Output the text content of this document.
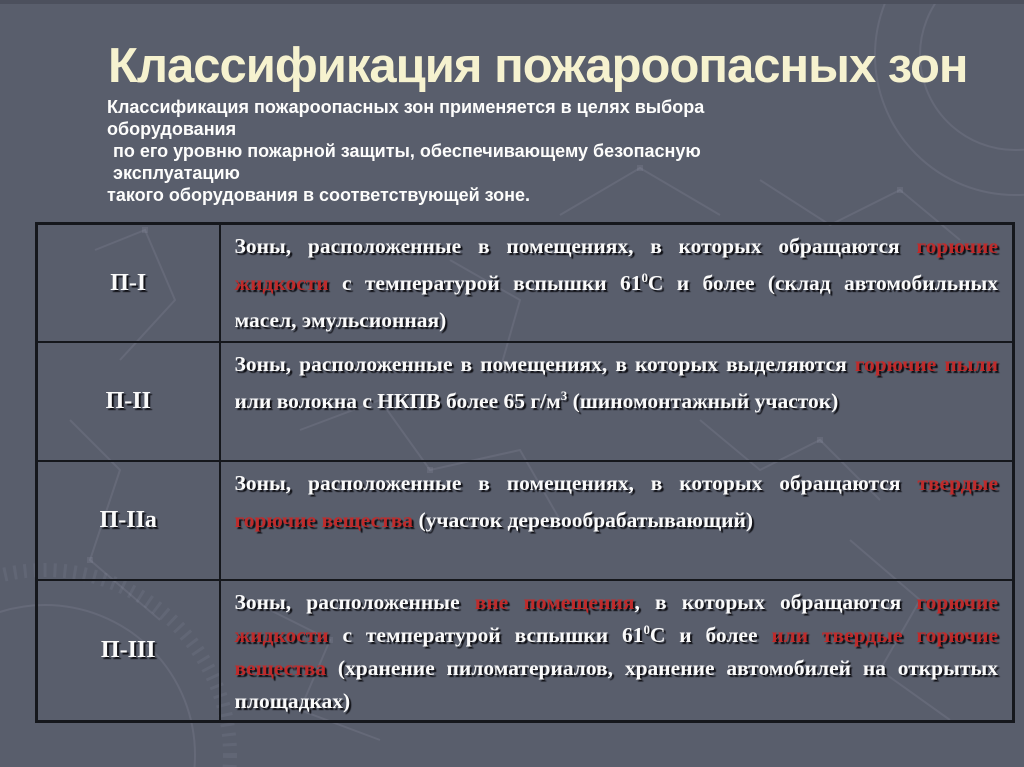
Классификация пожароопасных зон
Классификация пожароопасных зон применяется в целях выбора оборудования
по его уровню пожарной защиты, обеспечивающему безопасную эксплуатацию
такого оборудования в соответствующей зоне.
П-I	Зоны, расположенные в помещениях, в которых обращаются горючие жидкости с температурой вспышки $61^0С$ и более (склад автомобильных масел, эмульсионная)
П-II	Зоны, расположенные в помещениях, в которых выделяются горючие пыли или волокна с НКПВ более 65 $г/м^3$ (шиномонтажный участок)
П-IIа	Зоны, расположенные в помещениях, в которых обращаются твердые горючие вещества (участок деревообрабатывающий)
П-III	Зоны, расположенные вне помещения, в которых обращаются горючие жидкости с температурой вспышки $61^0С$ и более или твердые горючие вещества (хранение пиломатериалов, хранение автомобилей на открытых площадках)
